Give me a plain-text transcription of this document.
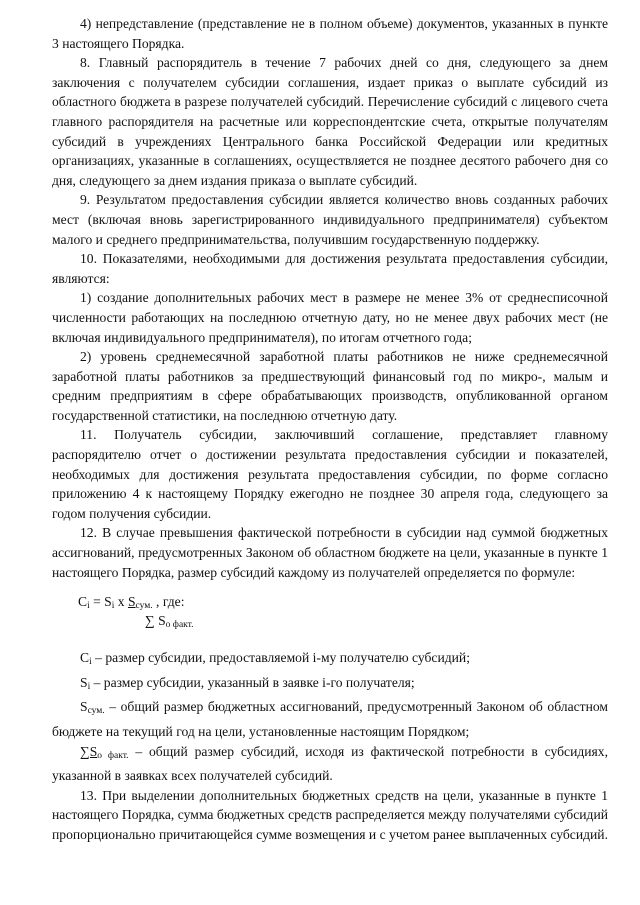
4) непредставление (представление не в полном объеме) документов, указанных в пункте 3 настоящего Порядка.

8. Главный распорядитель в течение 7 рабочих дней со дня, следующего за днем заключения с получателем субсидии соглашения, издает приказ о выплате субсидий из областного бюджета в разрезе получателей субсидий. Перечисление субсидий с лицевого счета главного распорядителя на расчетные или корреспондентские счета, открытые получателям субсидий в учреждениях Центрального банка Российской Федерации или кредитных организациях, указанные в соглашениях, осуществляется не позднее десятого рабочего дня со дня, следующего за днем издания приказа о выплате субсидий.

9. Результатом предоставления субсидии является количество вновь созданных рабочих мест (включая вновь зарегистрированного индивидуального предпринимателя) субъектом малого и среднего предпринимательства, получившим государственную поддержку.

10. Показателями, необходимыми для достижения результата предоставления субсидии, являются:

1) создание дополнительных рабочих мест в размере не менее 3% от среднесписочной численности работающих на последнюю отчетную дату, но не менее двух рабочих мест (не включая индивидуального предпринимателя), по итогам отчетного года;

2) уровень среднемесячной заработной платы работников не ниже среднемесячной заработной платы работников за предшествующий финансовый год по микро-, малым и средним предприятиям в сфере обрабатывающих производств, опубликованной органом государственной статистики, на последнюю отчетную дату.

11. Получатель субсидии, заключивший соглашение, представляет главному распорядителю отчет о достижении результата предоставления субсидии и показателей, необходимых для достижения результата предоставления субсидии, по форме согласно приложению 4 к настоящему Порядку ежегодно не позднее 30 апреля года, следующего за годом получения субсидии.

12. В случае превышения фактической потребности в субсидии над суммой бюджетных ассигнований, предусмотренных Законом об областном бюджете на цели, указанные в пункте 1 настоящего Порядка, размер субсидий каждому из получателей определяется по формуле:

$C_i = S_i$ x $S_{сум.}$ , где:
∑ $S_{о факт.}$

$C_i$ – размер субсидии, предоставляемой i-му получателю субсидий;

$S_i$ – размер субсидии, указанный в заявке i-го получателя;

$S_{сум.}$ – общий размер бюджетных ассигнований, предусмотренный Законом об областном бюджете на текущий год на цели, установленные настоящим Порядком;

$\sum S_о$ $_{факт.}$ – общий размер субсидий, исходя из фактической потребности в субсидиях, указанной в заявках всех получателей субсидий.

13. При выделении дополнительных бюджетных средств на цели, указанные в пункте 1 настоящего Порядка, сумма бюджетных средств распределяется между получателями субсидий пропорционально причитающейся сумме возмещения и с учетом ранее выплаченных субсидий.
